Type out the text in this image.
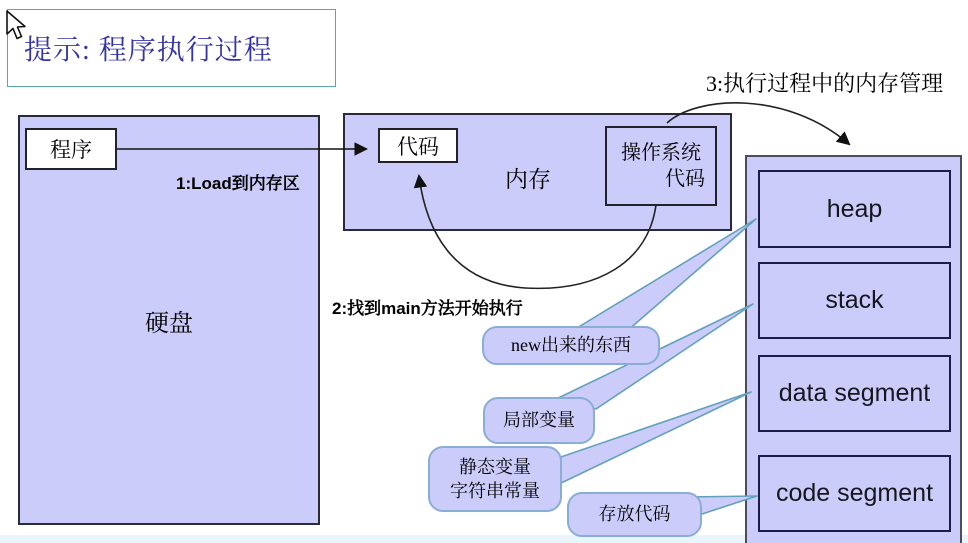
提示: 程序执行过程
硬盘
程序	代码
内存
操作系统
代码
heap
stack
data segment
code segment
1:Load到内存区
2:找到main方法开始执行
3:执行过程中的内存管理
new出来的东西
局部变量
静态变量
字符串常量
存放代码
